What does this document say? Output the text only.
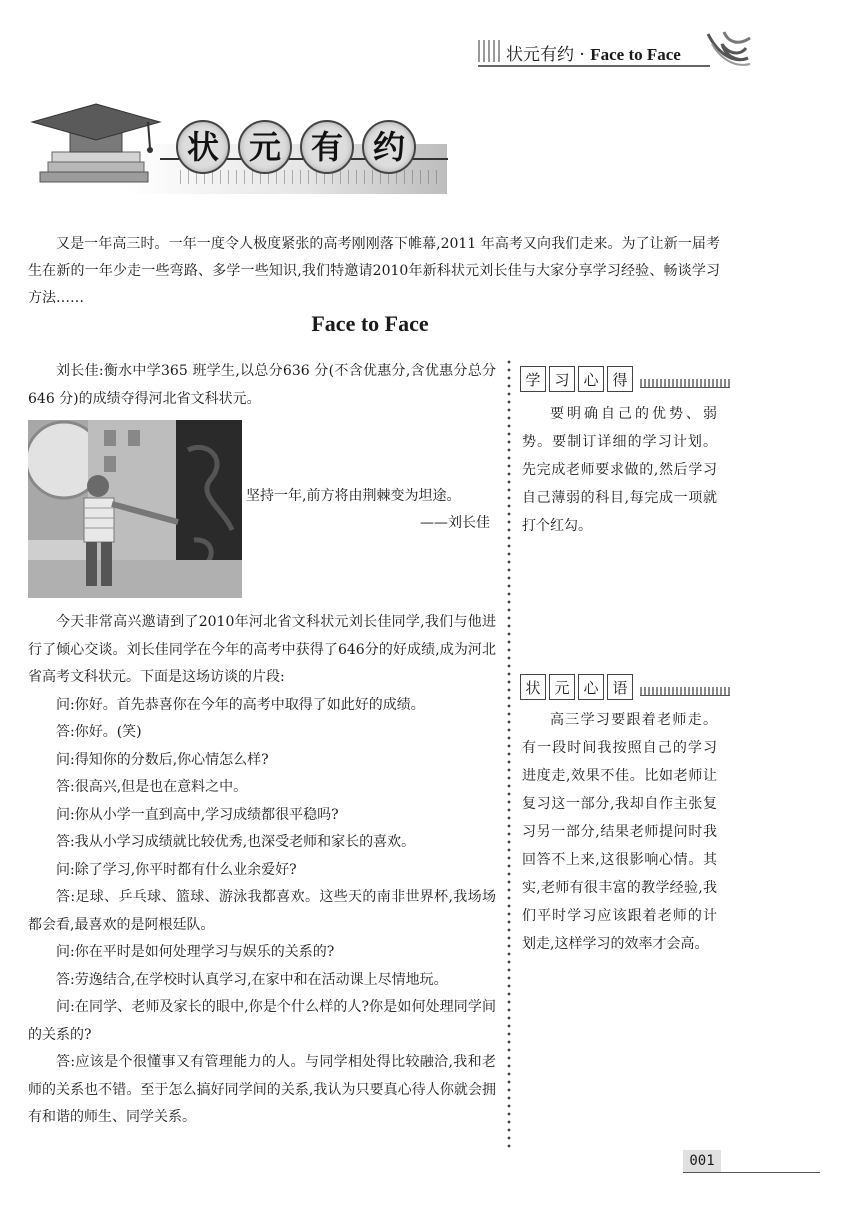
状元有约 · Face to Face
状 元 有 约
又是一年高三时。一年一度令人极度紧张的高考刚刚落下帷幕,2011 年高考又向我们走来。为了让新一届考生在新的一年少走一些弯路、多学一些知识,我们特邀请2010年新科状元刘长佳与大家分享学习经验、畅谈学习方法……
Face to Face

刘长佳:衡水中学365 班学生,以总分636 分(不含优惠分,含优惠分总分646 分)的成绩夺得河北省文科状元。

坚持一年,前方将由荆棘变为坦途。
——刘长佳

今天非常高兴邀请到了2010年河北省文科状元刘长佳同学,我们与他进行了倾心交谈。刘长佳同学在今年的高考中获得了646分的好成绩,成为河北省高考文科状元。下面是这场访谈的片段:

问:你好。首先恭喜你在今年的高考中取得了如此好的成绩。

答:你好。(笑)

问:得知你的分数后,你心情怎么样?

答:很高兴,但是也在意料之中。

问:你从小学一直到高中,学习成绩都很平稳吗?

答:我从小学习成绩就比较优秀,也深受老师和家长的喜欢。

问:除了学习,你平时都有什么业余爱好?

答:足球、乒乓球、篮球、游泳我都喜欢。这些天的南非世界杯,我场场都会看,最喜欢的是阿根廷队。

问:你在平时是如何处理学习与娱乐的关系的?

答:劳逸结合,在学校时认真学习,在家中和在活动课上尽情地玩。

问:在同学、老师及家长的眼中,你是个什么样的人?你是如何处理同学间的关系的?

答:应该是个很懂事又有管理能力的人。与同学相处得比较融洽,我和老师的关系也不错。至于怎么搞好同学间的关系,我认为只要真心待人你就会拥有和谐的师生、同学关系。

学 习 心 得

要明确自己的优势、弱势。要制订详细的学习计划。先完成老师要求做的,然后学习自己薄弱的科目,每完成一项就打个红勾。

状 元 心 语

高三学习要跟着老师走。有一段时间我按照自己的学习进度走,效果不佳。比如老师让复习这一部分,我却自作主张复习另一部分,结果老师提问时我回答不上来,这很影响心情。其实,老师有很丰富的教学经验,我们平时学习应该跟着老师的计划走,这样学习的效率才会高。

001
